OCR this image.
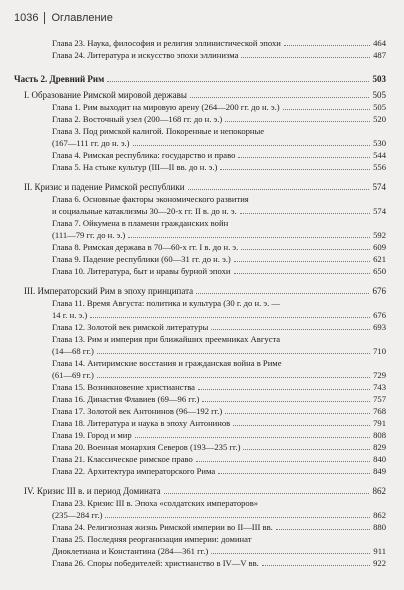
1036 Оглавление
Глава 23. Наука, философия и религия эллинистической эпохи	464
Глава 24. Литература и искусство эпохи эллинизма	487
Часть 2. Древний Рим	503
I. Образование Римской мировой державы	505
Глава 1. Рим выходит на мировую арену (264—200 гг. до н. э.)	505
Глава 2. Восточный узел (200—168 гг. до н. э.)	520
Глава 3. Под римской калигой. Покоренные и непокорные
(167—111 гг. до н. э.)	530
Глава 4. Римская республика: государство и право	544
Глава 5. На стыке культур (III—II вв. до н. э.)	556
II. Кризис и падение Римской республики	574
Глава 6. Основные факторы экономического развития
и социальные катаклизмы 30—20-х гг. II в. до н. э.	574
Глава 7. Ойкумена в пламени гражданских войн
(111—79 гг. до н. э.)	592
Глава 8. Римская держава в 70—60-х гг. I в. до н. э.	609
Глава 9. Падение республики (60—31 гг. до н. э.)	621
Глава 10. Литература, быт и нравы бурной эпохи	650
III. Императорский Рим в эпоху принципата	676
Глава 11. Время Августа: политика и культура (30 г. до н. э. —
14 г. н. э.)	676
Глава 12. Золотой век римской литературы	693
Глава 13. Рим и империя при ближайших преемниках Августа
(14—68 гг.)	710
Глава 14. Антиримские восстания и гражданская война в Риме
(61—69 гг.)	729
Глава 15. Возникновение христианства	743
Глава 16. Династия Флавиев (69—96 гг.)	757
Глава 17. Золотой век Антонинов (96—192 гг.)	768
Глава 18. Литература и наука в эпоху Антонинов	791
Глава 19. Город и мир	808
Глава 20. Военная монархия Северов (193—235 гг.)	829
Глава 21. Классическое римское право	840
Глава 22. Архитектура императорского Рима	849
IV. Кризис III в. и период Домината	862
Глава 23. Кризис III в. Эпоха «солдатских императоров»
(235—284 гг.)	862
Глава 24. Религиозная жизнь Римской империи во II—III вв.	880
Глава 25. Последняя реорганизация империи: доминат
Диоклетиана и Константина (284—361 гг.)	911
Глава 26. Споры победителей: христианство в IV—V вв.	922
